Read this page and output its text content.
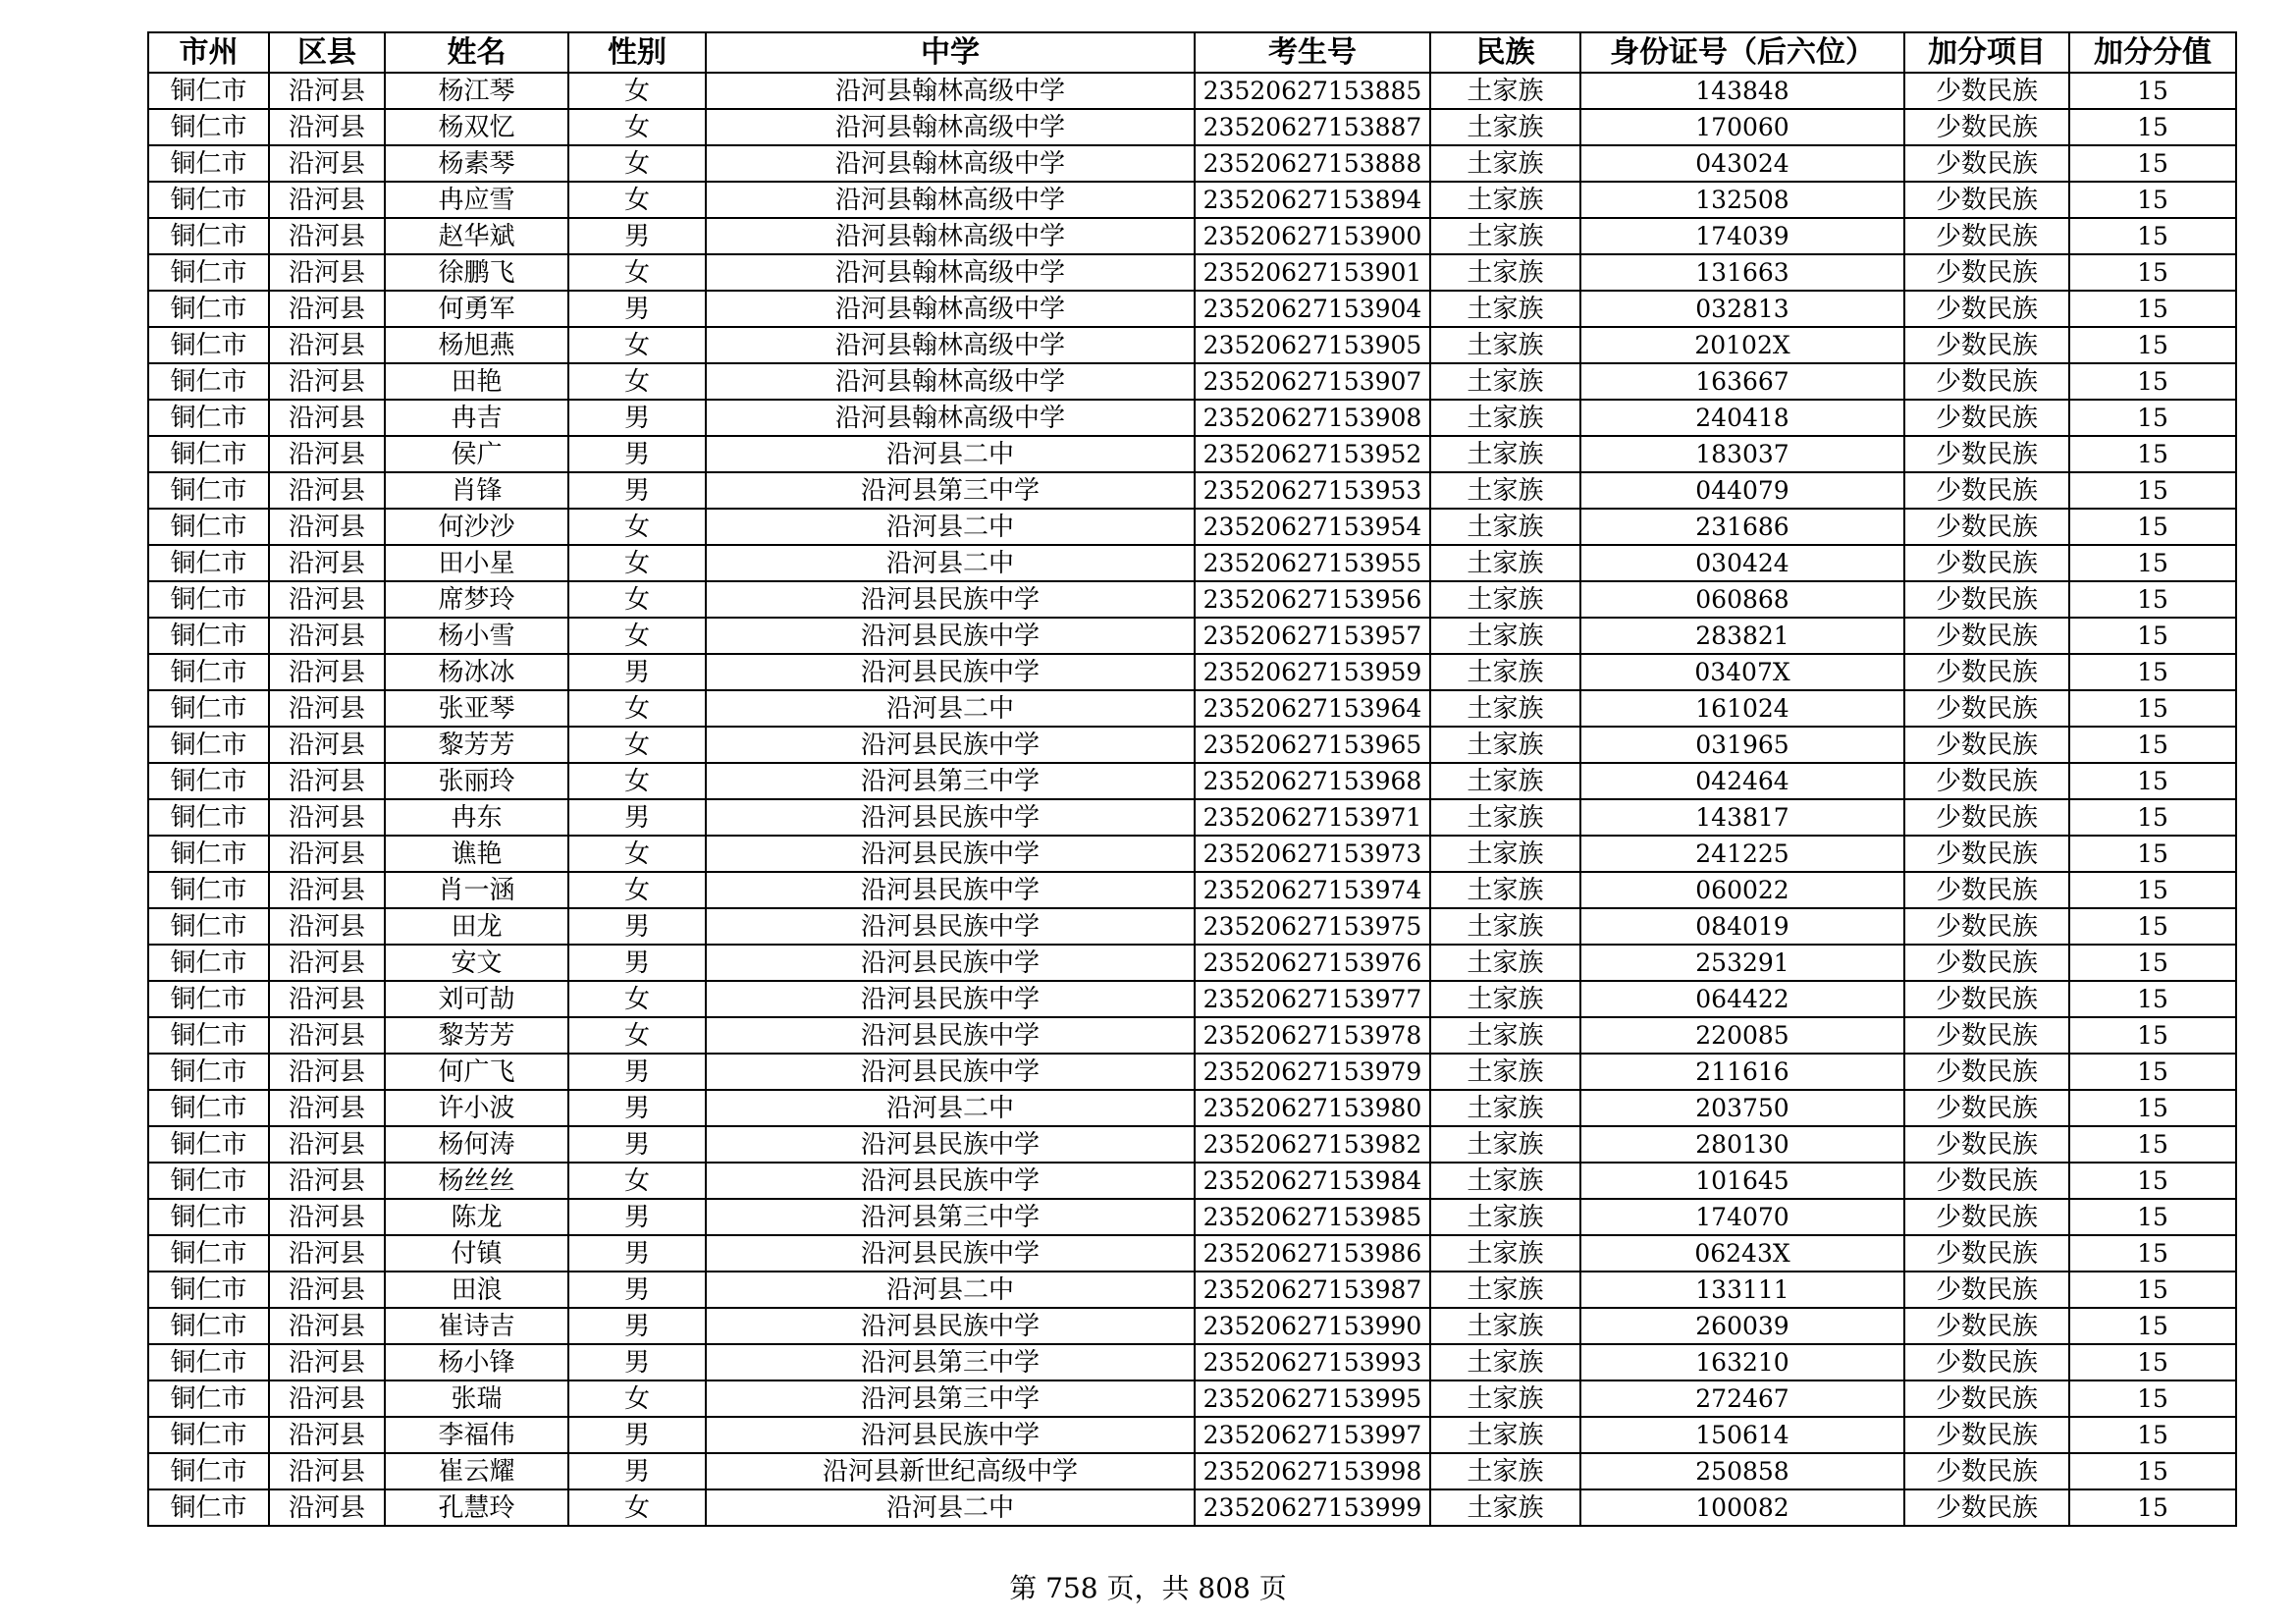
市州	区县	姓名	性别	中学	考生号	民族	身份证号（后六位）	加分项目	加分分值
铜仁市	沿河县	杨江琴	女	沿河县翰林高级中学	23520627153885	土家族	143848	少数民族	15
铜仁市	沿河县	杨双忆	女	沿河县翰林高级中学	23520627153887	土家族	170060	少数民族	15
铜仁市	沿河县	杨素琴	女	沿河县翰林高级中学	23520627153888	土家族	043024	少数民族	15
铜仁市	沿河县	冉应雪	女	沿河县翰林高级中学	23520627153894	土家族	132508	少数民族	15
铜仁市	沿河县	赵华斌	男	沿河县翰林高级中学	23520627153900	土家族	174039	少数民族	15
铜仁市	沿河县	徐鹏飞	女	沿河县翰林高级中学	23520627153901	土家族	131663	少数民族	15
铜仁市	沿河县	何勇军	男	沿河县翰林高级中学	23520627153904	土家族	032813	少数民族	15
铜仁市	沿河县	杨旭燕	女	沿河县翰林高级中学	23520627153905	土家族	20102X	少数民族	15
铜仁市	沿河县	田艳	女	沿河县翰林高级中学	23520627153907	土家族	163667	少数民族	15
铜仁市	沿河县	冉吉	男	沿河县翰林高级中学	23520627153908	土家族	240418	少数民族	15
铜仁市	沿河县	侯广	男	沿河县二中	23520627153952	土家族	183037	少数民族	15
铜仁市	沿河县	肖锋	男	沿河县第三中学	23520627153953	土家族	044079	少数民族	15
铜仁市	沿河县	何沙沙	女	沿河县二中	23520627153954	土家族	231686	少数民族	15
铜仁市	沿河县	田小星	女	沿河县二中	23520627153955	土家族	030424	少数民族	15
铜仁市	沿河县	席梦玲	女	沿河县民族中学	23520627153956	土家族	060868	少数民族	15
铜仁市	沿河县	杨小雪	女	沿河县民族中学	23520627153957	土家族	283821	少数民族	15
铜仁市	沿河县	杨冰冰	男	沿河县民族中学	23520627153959	土家族	03407X	少数民族	15
铜仁市	沿河县	张亚琴	女	沿河县二中	23520627153964	土家族	161024	少数民族	15
铜仁市	沿河县	黎芳芳	女	沿河县民族中学	23520627153965	土家族	031965	少数民族	15
铜仁市	沿河县	张丽玲	女	沿河县第三中学	23520627153968	土家族	042464	少数民族	15
铜仁市	沿河县	冉东	男	沿河县民族中学	23520627153971	土家族	143817	少数民族	15
铜仁市	沿河县	谯艳	女	沿河县民族中学	23520627153973	土家族	241225	少数民族	15
铜仁市	沿河县	肖一涵	女	沿河县民族中学	23520627153974	土家族	060022	少数民族	15
铜仁市	沿河县	田龙	男	沿河县民族中学	23520627153975	土家族	084019	少数民族	15
铜仁市	沿河县	安文	男	沿河县民族中学	23520627153976	土家族	253291	少数民族	15
铜仁市	沿河县	刘可劼	女	沿河县民族中学	23520627153977	土家族	064422	少数民族	15
铜仁市	沿河县	黎芳芳	女	沿河县民族中学	23520627153978	土家族	220085	少数民族	15
铜仁市	沿河县	何广飞	男	沿河县民族中学	23520627153979	土家族	211616	少数民族	15
铜仁市	沿河县	许小波	男	沿河县二中	23520627153980	土家族	203750	少数民族	15
铜仁市	沿河县	杨何涛	男	沿河县民族中学	23520627153982	土家族	280130	少数民族	15
铜仁市	沿河县	杨丝丝	女	沿河县民族中学	23520627153984	土家族	101645	少数民族	15
铜仁市	沿河县	陈龙	男	沿河县第三中学	23520627153985	土家族	174070	少数民族	15
铜仁市	沿河县	付镇	男	沿河县民族中学	23520627153986	土家族	06243X	少数民族	15
铜仁市	沿河县	田浪	男	沿河县二中	23520627153987	土家族	133111	少数民族	15
铜仁市	沿河县	崔诗吉	男	沿河县民族中学	23520627153990	土家族	260039	少数民族	15
铜仁市	沿河县	杨小锋	男	沿河县第三中学	23520627153993	土家族	163210	少数民族	15
铜仁市	沿河县	张瑞	女	沿河县第三中学	23520627153995	土家族	272467	少数民族	15
铜仁市	沿河县	李福伟	男	沿河县民族中学	23520627153997	土家族	150614	少数民族	15
铜仁市	沿河县	崔云耀	男	沿河县新世纪高级中学	23520627153998	土家族	250858	少数民族	15
铜仁市	沿河县	孔慧玲	女	沿河县二中	23520627153999	土家族	100082	少数民族	15
第 758 页，共 808 页
